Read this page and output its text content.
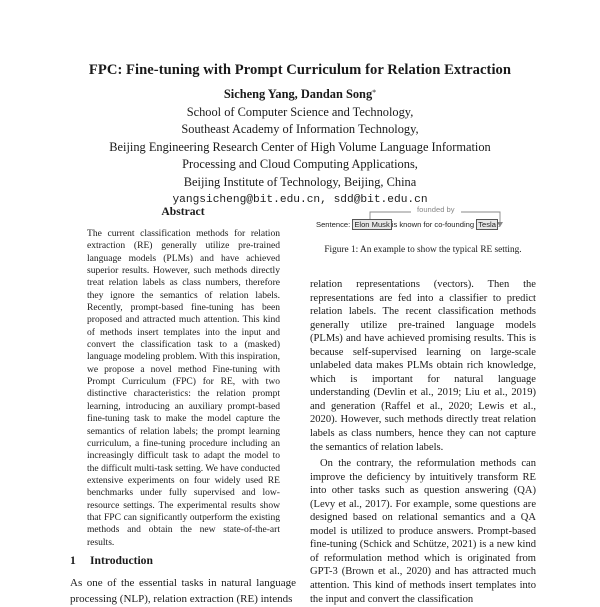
FPC: Fine-tuning with Prompt Curriculum for Relation Extraction
Sicheng Yang, Dandan Song*
School of Computer Science and Technology,
Southeast Academy of Information Technology,
Beijing Engineering Research Center of High Volume Language Information
Processing and Cloud Computing Applications,
Beijing Institute of Technology, Beijing, China
yangsicheng@bit.edu.cn, sdd@bit.edu.cn
Abstract

The current classification methods for relation extraction (RE) generally utilize pre-trained language models (PLMs) and have achieved superior results. However, such methods directly treat relation labels as class numbers, therefore they ignore the semantics of relation labels. Recently, prompt-based fine-tuning has been proposed and attracted much attention. This kind of methods insert templates into the input and convert the classification task to a (masked) language modeling problem. With this inspiration, we propose a novel method Fine-tuning with Prompt Curriculum (FPC) for RE, with two distinctive characteristics: the relation prompt learning, introducing an auxiliary prompt-based fine-tuning task to make the model capture the semantics of relation labels; the prompt learning curriculum, a fine-tuning procedure including an increasingly difficult task to adapt the model to the difficult multi-task setting. We have conducted extensive experiments on four widely used RE benchmarks under fully supervised and low-resource settings. The experimental results show that FPC can significantly outperform the existing methods and obtain the new state-of-the-art results.

1 Introduction

As one of the essential tasks in natural language processing (NLP), relation extraction (RE) intends

founded by
Sentence: Elon Musk is known for co-founding Tesla .
Figure 1: An example to show the typical RE setting.

relation representations (vectors). Then the representations are fed into a classifier to predict relation labels. The recent classification methods generally utilize pre-trained language models (PLMs) and have achieved promising results. This is because self-supervised learning on large-scale unlabeled data makes PLMs obtain rich knowledge, which is important for natural language understanding (Devlin et al., 2019; Liu et al., 2019) and generation (Raffel et al., 2020; Lewis et al., 2020). However, such methods directly treat relation labels as class numbers, hence they can not capture the semantics of relation labels.

On the contrary, the reformulation methods can improve the deficiency by intuitively transform RE into other tasks such as question answering (QA) (Levy et al., 2017). For example, some questions are designed based on relational semantics and a QA model is utilized to produce answers. Prompt-based fine-tuning (Schick and Schütze, 2021) is a new kind of reformulation method which is originated from GPT-3 (Brown et al., 2020) and has attracted much attention. This kind of methods insert templates into the input and convert the classification
